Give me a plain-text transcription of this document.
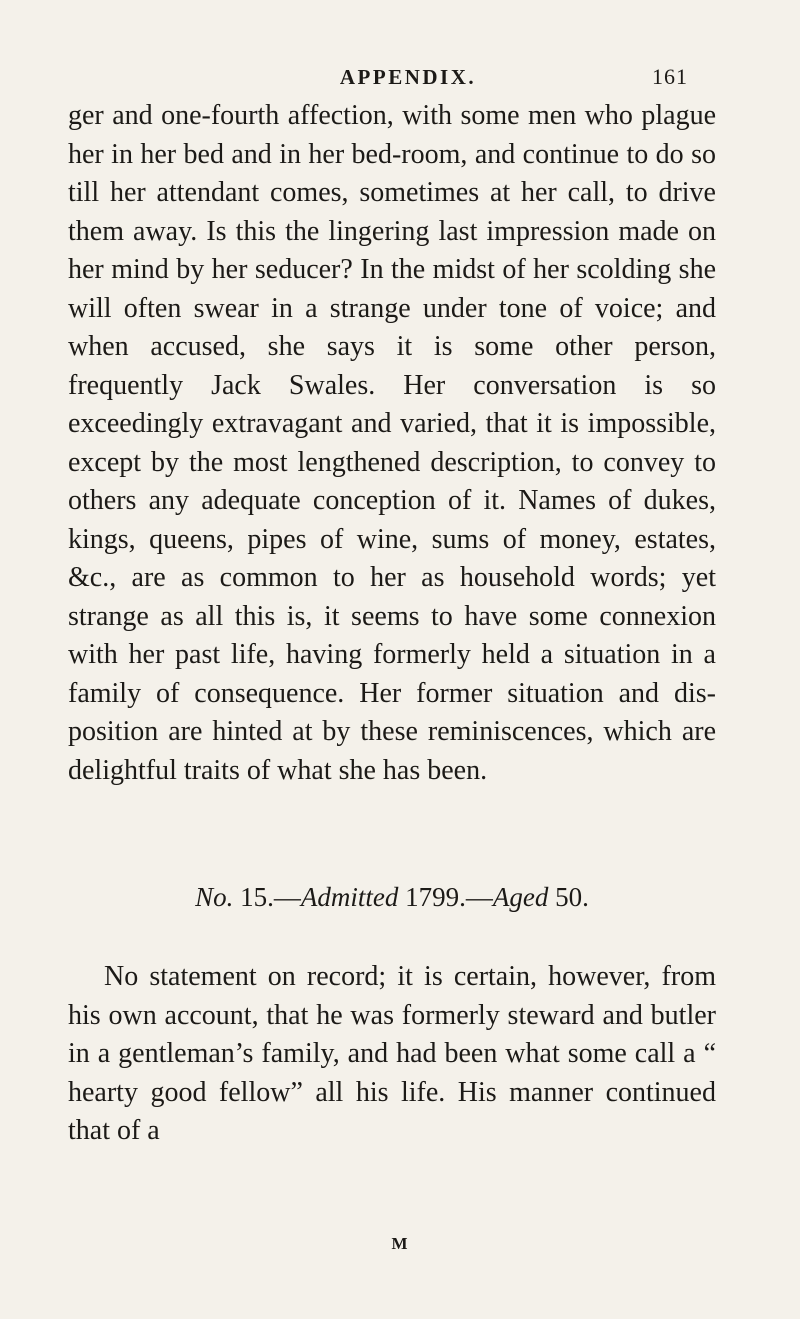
APPENDIX.	161

ger and one-fourth affection, with some men who plague her in her bed and in her bed-room, and continue to do so till her attendant comes, sometimes at her call, to drive them away. Is this the lingering last impression made on her mind by her seducer? In the midst of her scolding she will often swear in a strange under tone of voice; and when accused, she says it is some other person, frequently Jack Swales. Her conversation is so exceedingly extravagant and varied, that it is impossible, except by the most lengthened description, to convey to others any adequate conception of it. Names of dukes, kings, queens, pipes of wine, sums of money, estates, &c., are as common to her as household words; yet strange as all this is, it seems to have some connexion with her past life, having formerly held a situation in a family of consequence. Her former situation and disposition are hinted at by these reminiscences, which are delightful traits of what she has been.

No. 15.—Admitted 1799.—Aged 50.

No statement on record; it is certain, however, from his own account, that he was formerly steward and butler in a gentleman’s family, and had been what some call a “ hearty good fellow” all his life. His manner continued that of a

M
